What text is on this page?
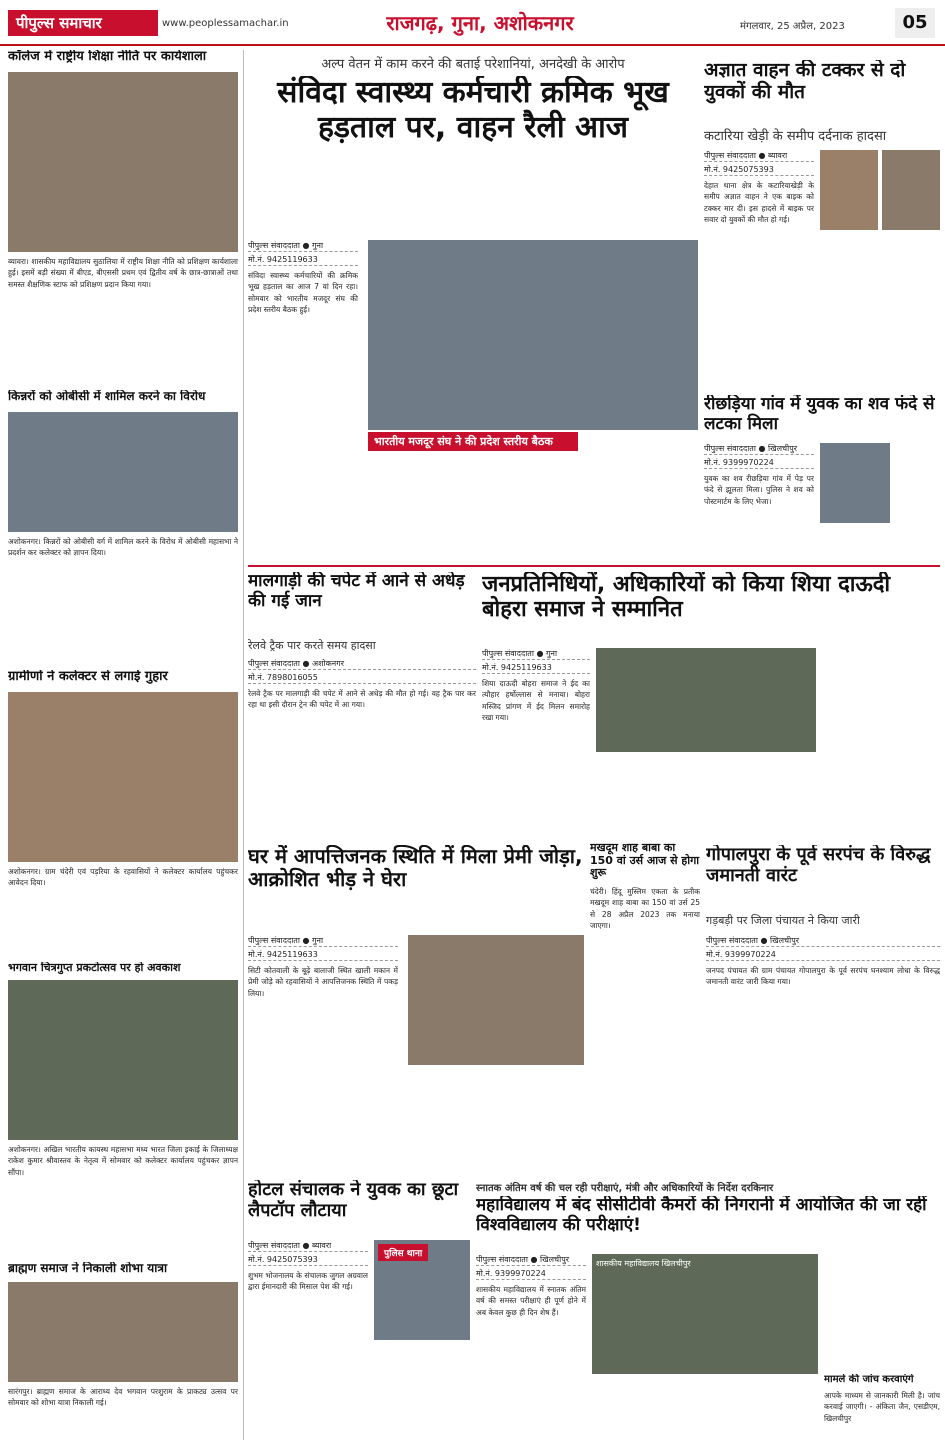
पीपुल्स समाचार	www.peoplessamachar.in	राजगढ़, गुना, अशोकनगर	मंगलवार, 25 अप्रैल, 2023	05
कॉलेज में राष्ट्रीय शिक्षा नीति पर कार्यशाला
ब्यावरा। शासकीय महाविद्यालय सुठालिया में राष्ट्रीय शिक्षा नीति को प्रशिक्षण कार्यशाला हुई। इसमें बड़ी संख्या में बीएड, बीएससी प्रथम एवं द्वितीय वर्ष के छात्र-छात्राओं तथा समस्त शैक्षणिक स्टाफ को प्रशिक्षण प्रदान किया गया।
किन्नरों को ओबीसी में शामिल करने का विरोध
अशोकनगर। किन्नरों को ओबीसी वर्ग में शामिल करने के विरोध में ओबीसी महासभा ने प्रदर्शन कर कलेक्टर को ज्ञापन दिया।
ग्रामीणों ने कलेक्टर से लगाई गुहार
अशोकनगर। ग्राम चंदेरी एवं पड़रिया के रहवासियों ने कलेक्टर कार्यालय पहुंचकर आवेदन दिया।
भगवान चित्रगुप्त प्रकटोत्सव पर हो अवकाश
अशोकनगर। अखिल भारतीय कायस्थ महासभा मध्य भारत जिला इकाई के जिलाध्यक्ष राकेश कुमार श्रीवास्तव के नेतृत्व में सोमवार को कलेक्टर कार्यालय पहुंचकर ज्ञापन सौंपा।
ब्राह्मण समाज ने निकाली शोभा यात्रा
सारंगपुर। ब्राह्मण समाज के आराध्य देव भगवान परशुराम के प्राकट्य उत्सव पर सोमवार को शोभा यात्रा निकाली गई।
अल्प वेतन में काम करने की बताई परेशानियां, अनदेखी के आरोप
संविदा स्वास्थ्य कर्मचारी क्रमिक भूख हड़ताल पर, वाहन रैली आज
पीपुल्स संवाददाता ● गुना
मो.नं. 9425119633
संविदा स्वास्थ्य कर्मचारियों की क्रमिक भूख हड़ताल का आज 7 वां दिन रहा। सोमवार को भारतीय मजदूर संघ की प्रदेश स्तरीय बैठक हुई।
भारतीय मजदूर संघ ने की प्रदेश स्तरीय बैठक
अज्ञात वाहन की टक्कर से दो युवकों की मौत
कटारिया खेड़ी के समीप दर्दनाक हादसा
पीपुल्स संवाददाता ● ब्यावरा
मो.नं. 9425075393
देहात थाना क्षेत्र के कटारियाखेड़ी के समीप अज्ञात वाहन ने एक बाइक को टक्कर मार दी। इस हादसे में बाइक पर सवार दो युवकों की मौत हो गई।
रीछड़िया गांव में युवक का शव फंदे से लटका मिला
पीपुल्स संवाददाता ● खिलचीपुर
मो.नं. 9399970224
युवक का शव रीछड़िया गांव में पेड़ पर फंदे से झूलता मिला। पुलिस ने शव को पोस्टमार्टम के लिए भेजा।
मालगाड़ी की चपेट में आने से अधेड़ की गई जान
रेलवे ट्रैक पार करते समय हादसा
पीपुल्स संवाददाता ● अशोकनगर
मो.नं. 7898016055
रेलवे ट्रैक पर मालगाड़ी की चपेट में आने से अधेड़ की मौत हो गई। वह ट्रैक पार कर रहा था इसी दौरान ट्रेन की चपेट में आ गया।
जनप्रतिनिधियों, अधिकारियों को किया शिया दाऊदी बोहरा समाज ने सम्मानित
पीपुल्स संवाददाता ● गुना
मो.नं. 9425119633
शिया दाऊदी बोहरा समाज ने ईद का त्यौहार हर्षोल्लास से मनाया। बोहरा मस्जिद प्रांगण में ईद मिलन समारोह रखा गया।
मखदूम शाह बाबा का 150 वां उर्स आज से होगा शुरू
चंदेरी। हिंदू मुस्लिम एकता के प्रतीक मखदूम शाह बाबा का 150 वां उर्स 25 से 28 अप्रैल 2023 तक मनाया जाएगा।
घर में आपत्तिजनक स्थिति में मिला प्रेमी जोड़ा, आक्रोशित भीड़ ने घेरा
पीपुल्स संवाददाता ● गुना
मो.नं. 9425119633
सिटी कोतवाली के बूढ़े बालाजी स्थित खाली मकान में प्रेमी जोड़े को रहवासियों ने आपत्तिजनक स्थिति में पकड़ लिया।
गोपालपुरा के पूर्व सरपंच के विरुद्ध जमानती वारंट
गड़बड़ी पर जिला पंचायत ने किया जारी
पीपुल्स संवाददाता ● खिलचीपुर
मो.नं. 9399970224
जनपद पंचायत की ग्राम पंचायत गोपालपुरा के पूर्व सरपंच घनश्याम लोधा के विरुद्ध जमानती वारंट जारी किया गया।
होटल संचालक ने युवक का छूटा लैपटॉप लौटाया
पीपुल्स संवाददाता ● ब्यावरा
मो.नं. 9425075393
शुभम भोजनालय के संचालक जुगल अग्रवाल द्वारा ईमानदारी की मिसाल पेश की गई।
पुलिस थाना
स्नातक अंतिम वर्ष की चल रही परीक्षाएं, मंत्री और अधिकारियों के निर्देश दरकिनार
महाविद्यालय में बंद सीसीटीवी कैमरों की निगरानी में आयोजित की जा रहीं विश्वविद्यालय की परीक्षाएं!
पीपुल्स संवाददाता ● खिलचीपुर
मो.नं. 9399970224
शासकीय महाविद्यालय में स्नातक अंतिम वर्ष की समस्त परीक्षाएं ही पूर्ण होने में अब केवल कुछ ही दिन शेष हैं।
शासकीय महाविद्यालय खिलचीपुर
मामले की जांच करवाएंगे
आपके माध्यम से जानकारी मिली है। जांच करवाई जाएगी। - अंकिता जैन, एसडीएम, खिलचीपुर
